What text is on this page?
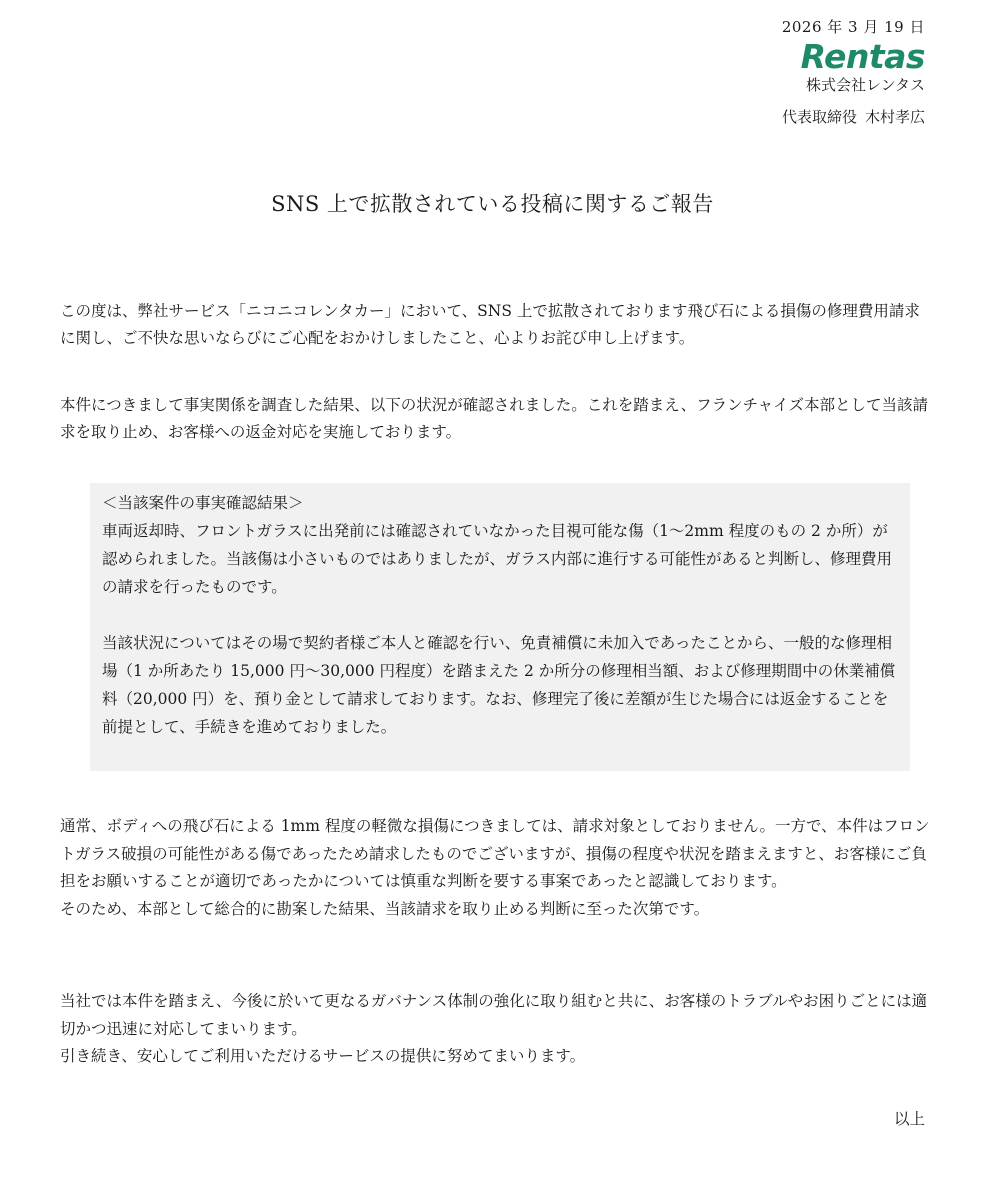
2026 年 3 月 19 日
Rentas
株式会社レンタス
代表取締役 木村孝広
SNS 上で拡散されている投稿に関するご報告

この度は、弊社サービス「ニコニコレンタカー」において、SNS 上で拡散されております飛び石による損傷の修理費用請求に関し、ご不快な思いならびにご心配をおかけしましたこと、心よりお詫び申し上げます。

本件につきまして事実関係を調査した結果、以下の状況が確認されました。これを踏まえ、フランチャイズ本部として当該請求を取り止め、お客様への返金対応を実施しております。

＜当該案件の事実確認結果＞

車両返却時、フロントガラスに出発前には確認されていなかった目視可能な傷（1〜2mm 程度のもの 2 か所）が認められました。当該傷は小さいものではありましたが、ガラス内部に進行する可能性があると判断し、修理費用の請求を行ったものです。

当該状況についてはその場で契約者様ご本人と確認を行い、免責補償に未加入であったことから、一般的な修理相場（1 か所あたり 15,000 円〜30,000 円程度）を踏まえた 2 か所分の修理相当額、および修理期間中の休業補償料（20,000 円）を、預り金として請求しております。なお、修理完了後に差額が生じた場合には返金することを前提として、手続きを進めておりました。

通常、ボディへの飛び石による 1mm 程度の軽微な損傷につきましては、請求対象としておりません。一方で、本件はフロントガラス破損の可能性がある傷であったため請求したものでございますが、損傷の程度や状況を踏まえますと、お客様にご負担をお願いすることが適切であったかについては慎重な判断を要する事案であったと認識しております。

そのため、本部として総合的に勘案した結果、当該請求を取り止める判断に至った次第です。

当社では本件を踏まえ、今後に於いて更なるガバナンス体制の強化に取り組むと共に、お客様のトラブルやお困りごとには適切かつ迅速に対応してまいります。

引き続き、安心してご利用いただけるサービスの提供に努めてまいります。

以上
